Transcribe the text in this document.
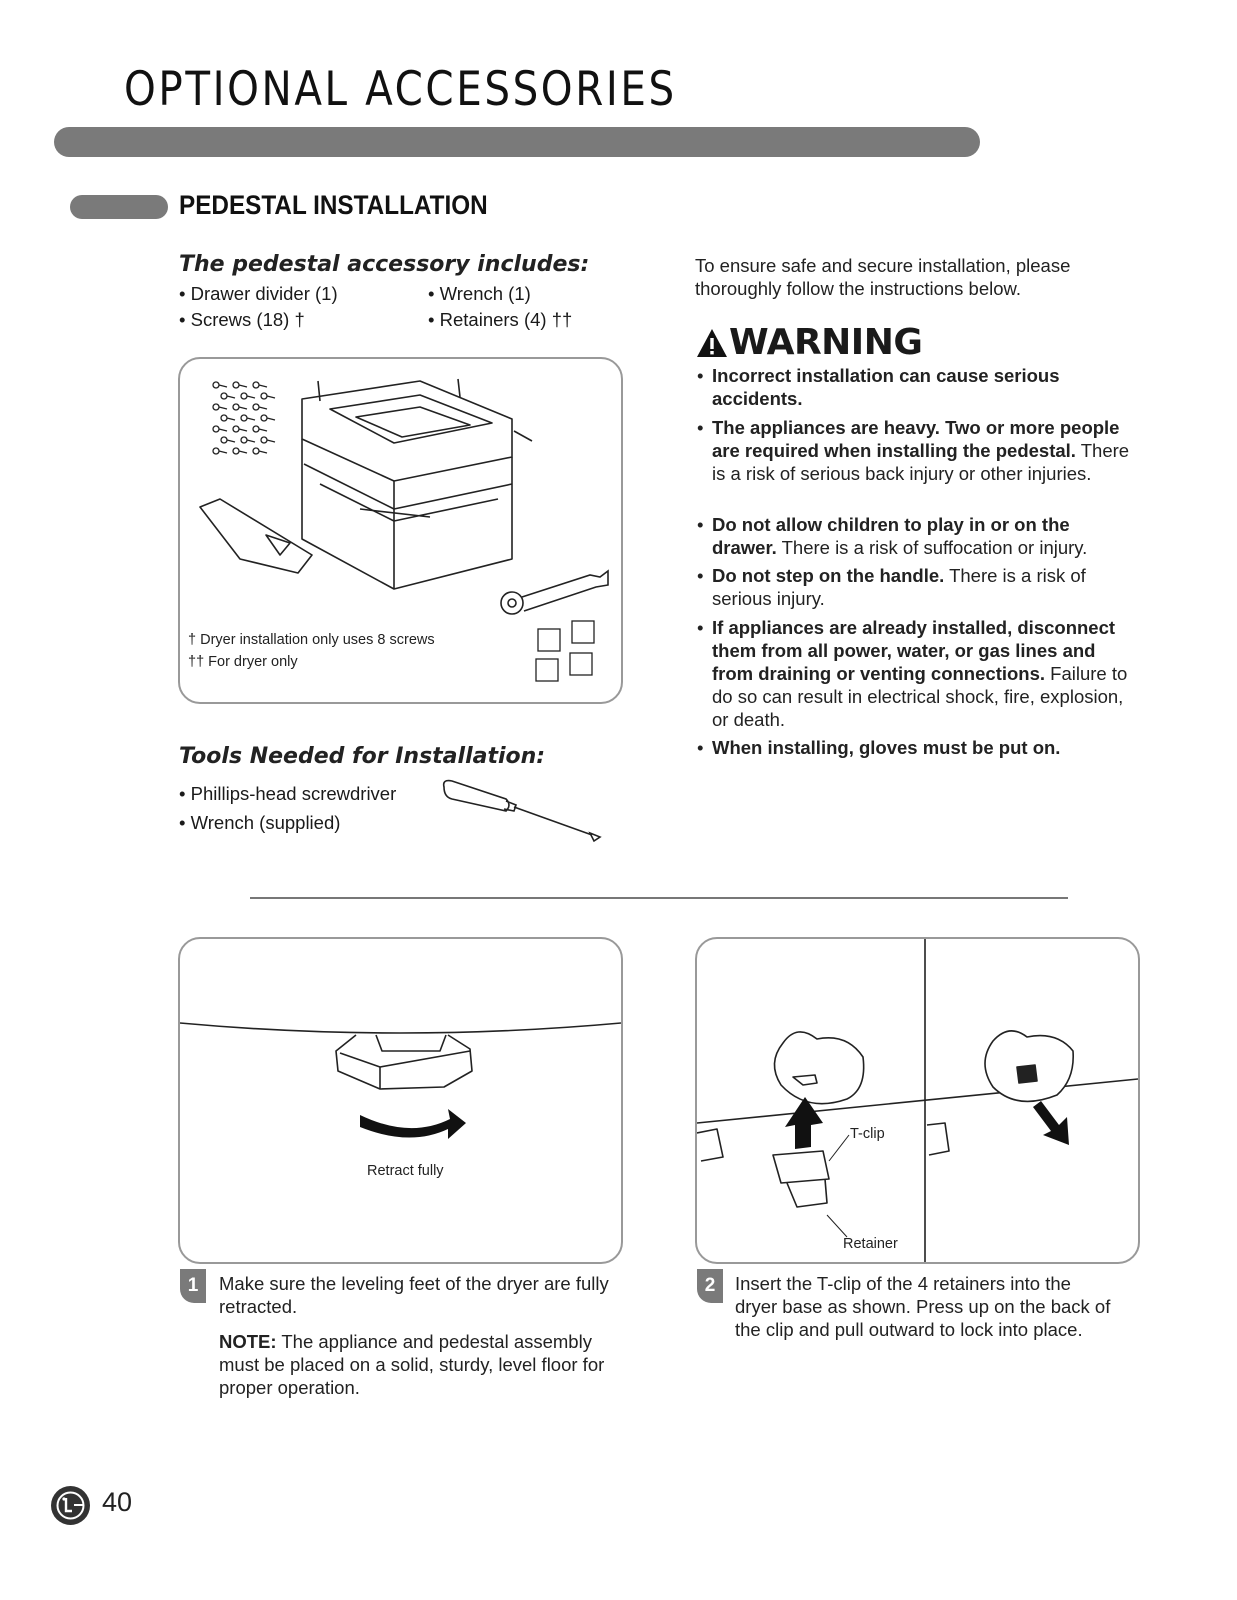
OPTIONAL ACCESSORIES
PEDESTAL INSTALLATION
The pedestal accessory includes:
• Drawer divider (1)	• Wrench (1)
• Screws (18) †	• Retainers (4) ††
† Dryer installation only uses 8 screws
†† For dryer only
Tools Needed for Installation:
• Phillips-head screwdriver
• Wrench (supplied)
To ensure safe and secure installation, please thoroughly follow the instructions below.
WARNING
• Incorrect installation can cause serious accidents.
• The appliances are heavy. Two or more people are required when installing the pedestal. There is a risk of serious back injury or other injuries.
• Do not allow children to play in or on the drawer. There is a risk of suffocation or injury.
• Do not step on the handle. There is a risk of serious injury.
• If appliances are already installed, disconnect them from all power, water, or gas lines and from draining or venting connections. Failure to do so can result in electrical shock, fire, explosion, or death.
• When installing, gloves must be put on.
Retract fully
1	Make sure the leveling feet of the dryer are fully retracted.
NOTE: The appliance and pedestal assembly must be placed on a solid, sturdy, level floor for proper operation.
T-clip
Retainer
2	Insert the T-clip of the 4 retainers into the dryer base as shown. Press up on the back of the clip and pull outward to lock into place.
40
